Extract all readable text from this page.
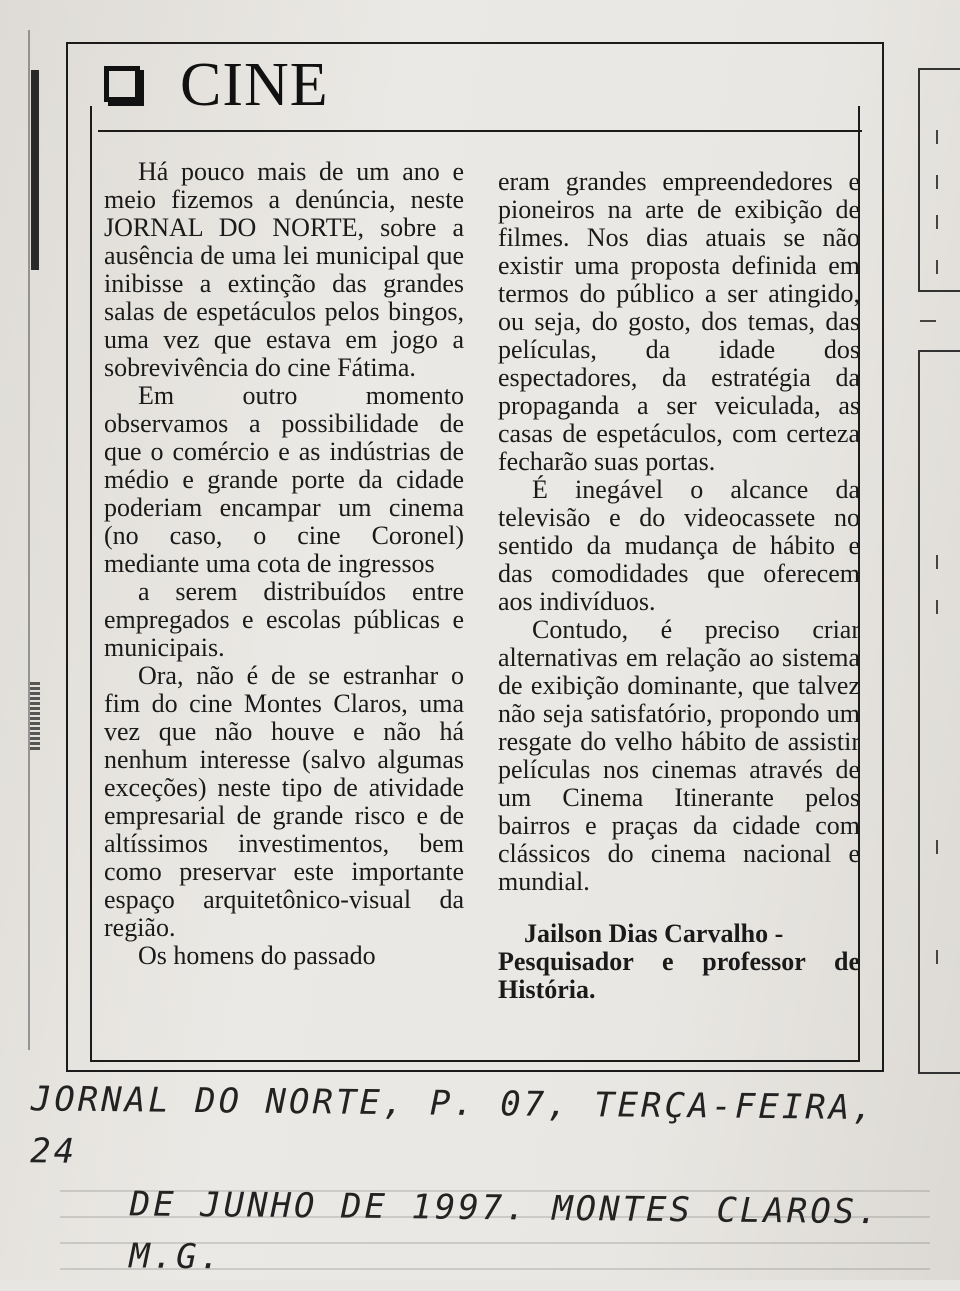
CINE

Há pouco mais de um ano e meio fizemos a denúncia, neste JORNAL DO NORTE, sobre a ausência de uma lei municipal que inibisse a extinção das grandes salas de espetáculos pelos bingos, uma vez que estava em jogo a sobrevivência do cine Fátima.

Em outro momento observamos a possibilidade de que o comércio e as indústrias de médio e grande porte da cidade poderiam encampar um cinema (no caso, o cine Coronel) mediante uma cota de ingressos

a serem distribuídos entre empregados e escolas públicas e municipais.

Ora, não é de se estranhar o fim do cine Montes Claros, uma vez que não houve e não há nenhum interesse (salvo algumas exceções) neste tipo de atividade empresarial de grande risco e de altíssimos investimentos, bem como preservar este importante espaço arquitetônico-visual da região.

Os homens do passado

eram grandes empreendedores e pioneiros na arte de exibição de filmes. Nos dias atuais se não existir uma proposta definida em termos do público a ser atingido, ou seja, do gosto, dos temas, das películas, da idade dos espectadores, da estratégia da propaganda a ser veiculada, as casas de espetáculos, com certeza fecharão suas portas.

É inegável o alcance da televisão e do videocassete no sentido da mudança de hábito e das comodidades que oferecem aos indivíduos.

Contudo, é preciso criar alternativas em relação ao sistema de exibição dominante, que talvez não seja satisfatório, propondo um resgate do velho hábito de assistir películas nos cinemas através de um Cinema Itinerante pelos bairros e praças da cidade com clássicos do cinema nacional e mundial.

Jailson Dias Carvalho -
Pesquisador e professor de História.
JORNAL DO NORTE, P. 07, TERÇA-FEIRA, 24
DE JUNHO DE 1997. MONTES CLAROS. M.G.
